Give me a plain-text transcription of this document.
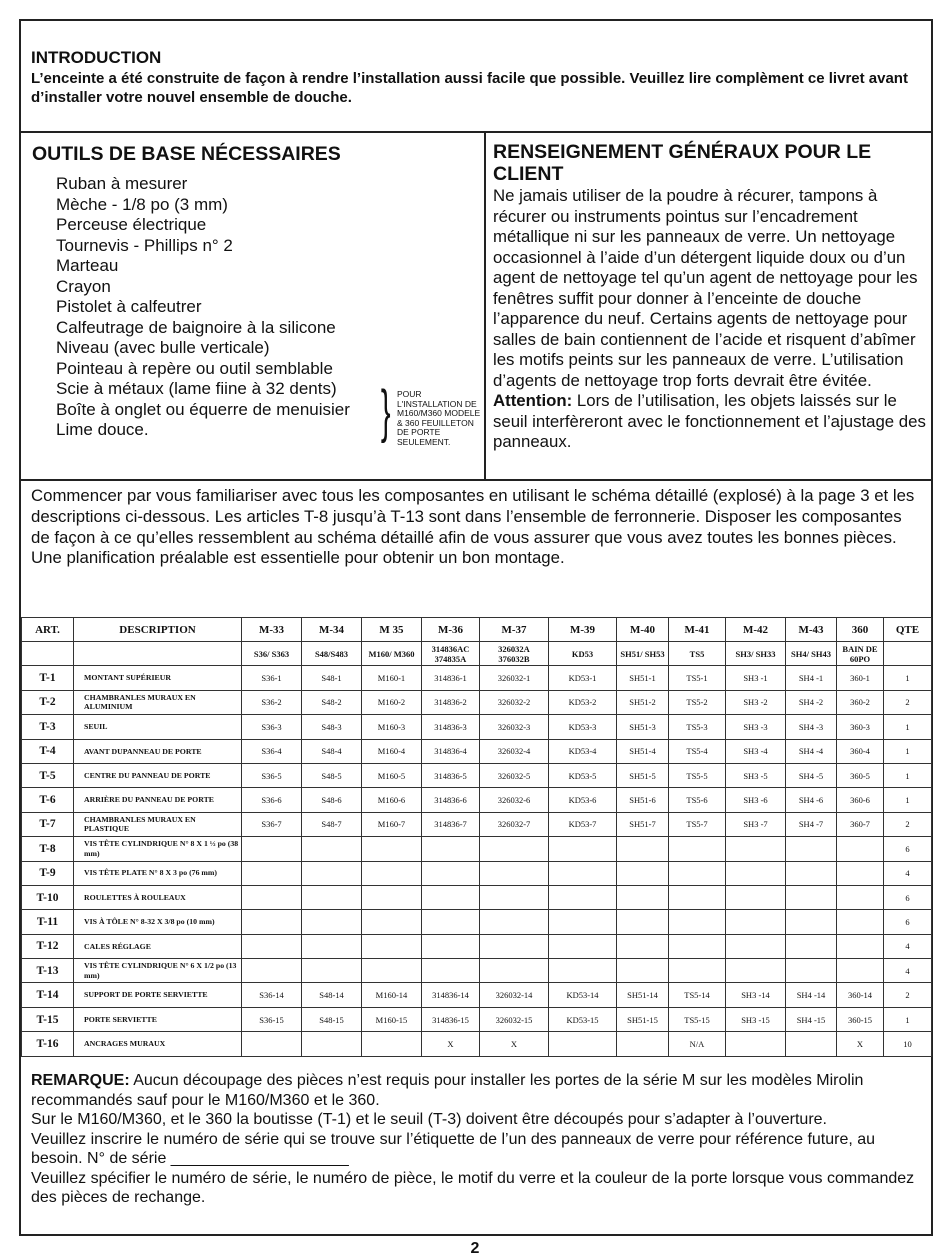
INTRODUCTION

L’enceinte a été construite de façon à rendre l’installation aussi facile que possible. Veuillez lire complèment ce livret avant d’installer votre nouvel ensemble de douche.

OUTILS DE BASE NÉCESSAIRES
Ruban à mesurer
Mèche - 1/8 po (3 mm)
Perceuse électrique
Tournevis - Phillips n° 2
Marteau
Crayon
Pistolet à calfeutrer
Calfeutrage de baignoire à la silicone
Niveau (avec bulle verticale)
Pointeau à repère ou outil semblable
Scie à métaux (lame fiine à 32 dents)
Boîte à onglet ou équerre de menuisier
Lime douce.	} POUR L'INSTALLATION DE M160/M360 MODELE & 360 FEUILLETON DE PORTE SEULEMENT.
RENSEIGNEMENT GÉNÉRAUX POUR LE CLIENT

Ne jamais utiliser de la poudre à récurer, tampons à récurer ou instruments pointus sur l’encadrement métallique ni sur les panneaux de verre. Un nettoyage occasionnel à l’aide d’un détergent liquide doux ou d’un agent de nettoyage tel qu’un agent de nettoyage pour les fenêtres suffit pour donner à l’enceinte de douche l’apparence du neuf. Certains agents de nettoyage pour salles de bain contiennent de l’acide et risquent d’abîmer les motifs peints sur les panneaux de verre. L’utilisation d’agents de nettoyage trop forts devrait être évitée.
Attention: Lors de l’utilisation, les objets laissés sur le seuil interfèreront avec le fonctionnement et l’ajustage des panneaux.

Commencer par vous familiariser avec tous les composantes en utilisant le schéma détaillé (explosé) à la page 3 et les descriptions ci-dessous. Les articles T-8 jusqu’à T-13 sont dans l’ensemble de ferronnerie. Disposer les composantes de façon à ce qu’elles ressemblent au schéma détaillé afin de vous assurer que vous avez toutes les bonnes pièces. Une planification préalable est essentielle pour obtenir un bon montage.

ART.	DESCRIPTION	M-33	M-34	M 35	M-36	M-37	M-39	M-40	M-41	M-42	M-43	360	QTE
		S36/ S363	S48/S483	M160/ M360	314836AC 374835A	326032A 376032B	KD53	SH51/ SH53	TS5	SH3/ SH33	SH4/ SH43	BAIN DE 60PO	
T-1	MONTANT SUPÉRIEUR	S36-1	S48-1	M160-1	314836-1	326032-1	KD53-1	SH51-1	TS5-1	SH3 -1	SH4 -1	360-1	1
T-2	CHAMBRANLES MURAUX EN ALUMINIUM	S36-2	S48-2	M160-2	314836-2	326032-2	KD53-2	SH51-2	TS5-2	SH3 -2	SH4 -2	360-2	2
T-3	SEUIL	S36-3	S48-3	M160-3	314836-3	326032-3	KD53-3	SH51-3	TS5-3	SH3 -3	SH4 -3	360-3	1
T-4	AVANT DUPANNEAU DE PORTE	S36-4	S48-4	M160-4	314836-4	326032-4	KD53-4	SH51-4	TS5-4	SH3 -4	SH4 -4	360-4	1
T-5	CENTRE DU PANNEAU DE PORTE	S36-5	S48-5	M160-5	314836-5	326032-5	KD53-5	SH51-5	TS5-5	SH3 -5	SH4 -5	360-5	1
T-6	ARRIÈRE DU PANNEAU DE PORTE	S36-6	S48-6	M160-6	314836-6	326032-6	KD53-6	SH51-6	TS5-6	SH3 -6	SH4 -6	360-6	1
T-7	CHAMBRANLES MURAUX EN PLASTIQUE	S36-7	S48-7	M160-7	314836-7	326032-7	KD53-7	SH51-7	TS5-7	SH3 -7	SH4 -7	360-7	2
T-8	VIS TÊTE CYLINDRIQUE N° 8 X 1 ½ po (38 mm)												6
T-9	VIS TÊTE PLATE N° 8 X 3 po (76 mm)												4
T-10	ROULETTES À ROULEAUX												6
T-11	VIS À TÔLE N° 8-32 X 3/8 po (10 mm)												6
T-12	CALES RÉGLAGE												4
T-13	VIS TÊTE CYLINDRIQUE N° 6 X 1/2 po (13 mm)												4
T-14	SUPPORT DE PORTE SERVIETTE	S36-14	S48-14	M160-14	314836-14	326032-14	KD53-14	SH51-14	TS5-14	SH3 -14	SH4 -14	360-14	2
T-15	PORTE SERVIETTE	S36-15	S48-15	M160-15	314836-15	326032-15	KD53-15	SH51-15	TS5-15	SH3 -15	SH4 -15	360-15	1
T-16	ANCRAGES MURAUX				X	X			N/A			X	10
REMARQUE: Aucun découpage des pièces n’est requis pour installer les portes de la série M sur les modèles Mirolin recommandés sauf pour le M160/M360 et le 360.
Sur le M160/M360, et le 360 la boutisse (T-1) et le seuil (T-3) doivent être découpés pour s’adapter à l’ouverture.
Veuillez inscrire le numéro de série qui se trouve sur l’étiquette de l’un des panneaux de verre pour référence future, au besoin. N° de série ____________________
Veuillez spécifier le numéro de série, le numéro de pièce, le motif du verre et la couleur de la porte lorsque vous commandez des pièces de rechange.
2
